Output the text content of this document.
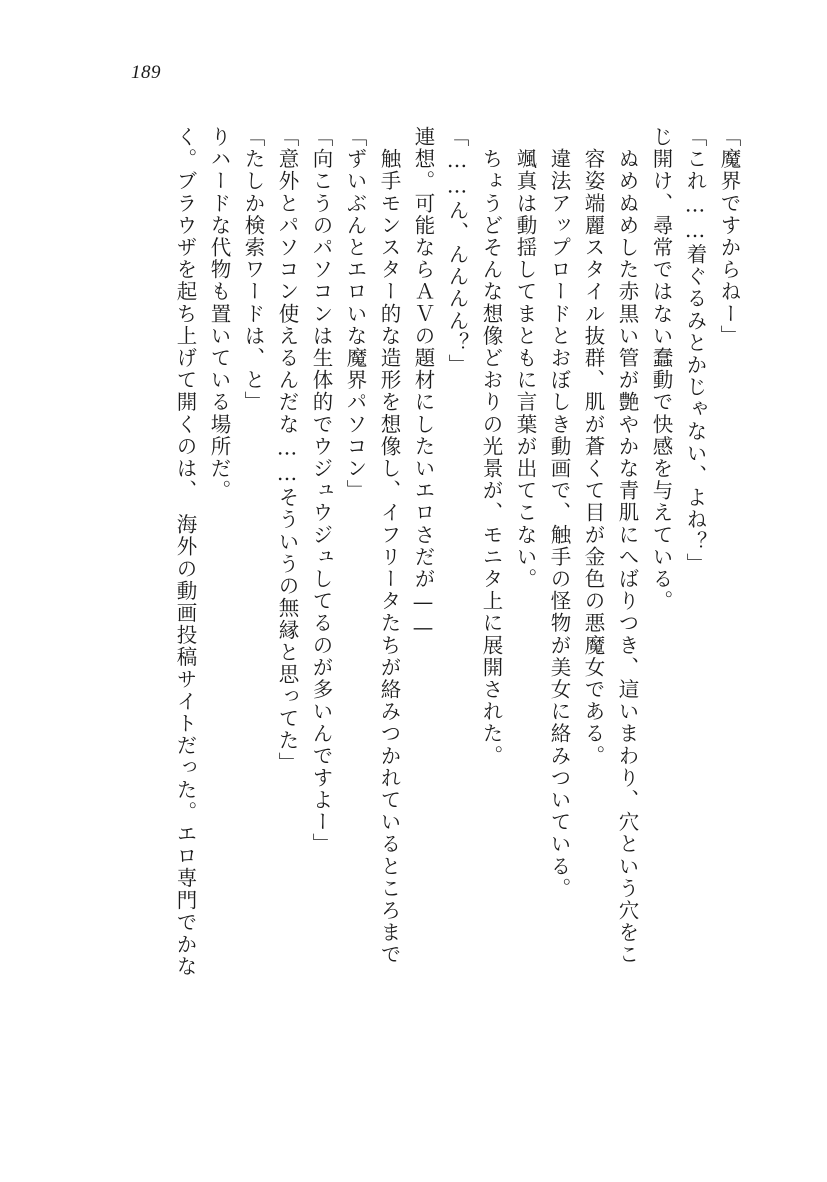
189
く。ブラウザを起ち上げて開くのは、　海外の動画投稿サイトだった。エロ専門でかな りハードな代物も置いている場所だ。 「たしか検索ワードは、と」 「意外とパソコン使えるんだな……そういうの無縁と思ってた」 「向こうのパソコンは生体的でウジュウジュしてるのが多いんですよー」 「ずいぶんとエロいな魔界パソコン」 　触手モンスター的な造形を想像し、イフリータたちが絡みつかれているところまで 連想。可能ならＡＶの題材にしたいエロさだが—— 「……ん、んんんん？」 　ちょうどそんな想像どおりの光景が、モニタ上に展開された。 　颯真は動揺してまともに言葉が出てこない。 　違法アップロードとおぼしき動画で、触手の怪物が美女に絡みついている。 　容姿端麗スタイル抜群、肌が蒼くて目が金色の悪魔女である。 　ぬめぬめした赤黒い管が艶やかな青肌にへばりつき、這いまわり、穴という穴をこ じ開け、尋常ではない蠢動で快感を与えている。 「これ……着ぐるみとかじゃない、よね？」 「魔界ですからねー」
